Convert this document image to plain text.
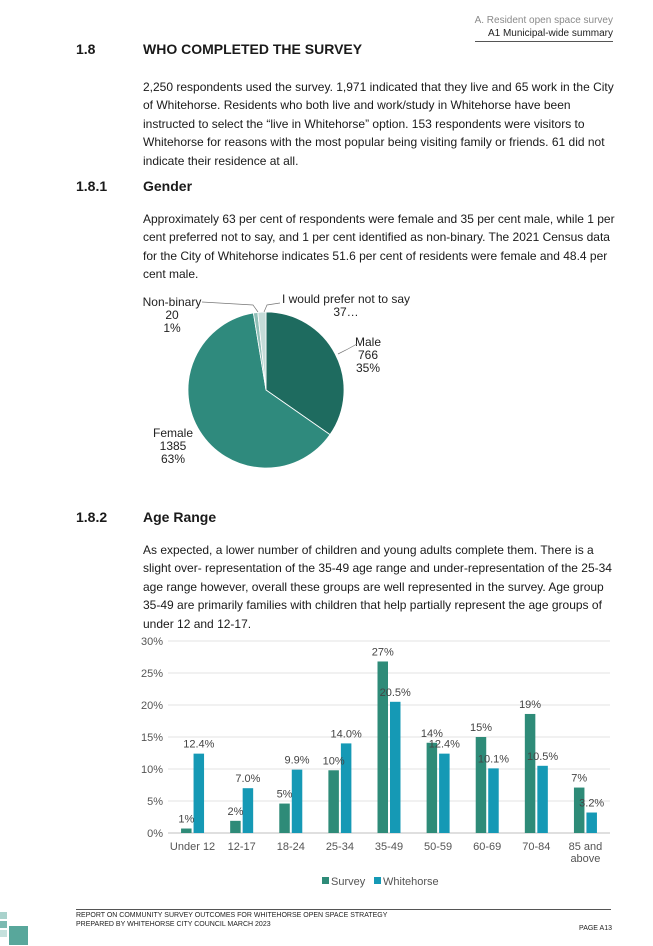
A. Resident open space survey
A1 Municipal-wide summary
1.8	WHO COMPLETED THE SURVEY

2,250 respondents used the survey. 1,971 indicated that they live and 65 work in the City of Whitehorse. Residents who both live and work/study in Whitehorse have been instructed to select the “live in Whitehorse” option. 153 respondents were visitors to Whitehorse for reasons with the most popular being visiting family or friends. 61 did not indicate their residence at all.

1.8.1	Gender

Approximately 63 per cent of respondents were female and 35 per cent male, while 1 per cent preferred not to say, and 1 per cent identified as non-binary. The 2021 Census data for the City of Whitehorse indicates 51.6 per cent of residents were female and 48.4 per cent male.

Male
766
35%
Female
1385
63%
Non-binary
20
1%
I would prefer not to say
37…
1.8.2	Age Range

As expected, a lower number of children and young adults complete them. There is a slight over- representation of the 35-49 age range and under-representation of the 25-34 age range however, overall these groups are well represented in the survey. Age group 35-49 are primarily families with children that help partially represent the age groups of under 12 and 12-17.

1%
12.4%
2%
7.0%
5%
9.9% 10%
14.0%
27%
20.5%
14%
12.4%
15%
10.1%
19%
10.5%
7%
3.2%
0%
5%
10%
15%
20%
25%
30%
Under 12 12-17 18-24 25-34 35-49 50-59 60-69 70-84 85 and
above
Survey Whitehorse
REPORT ON COMMUNITY SURVEY OUTCOMES FOR WHITEHORSE OPEN SPACE STRATEGY
PREPARED BY WHITEHORSE CITY COUNCIL MARCH 2023
PAGE A13
